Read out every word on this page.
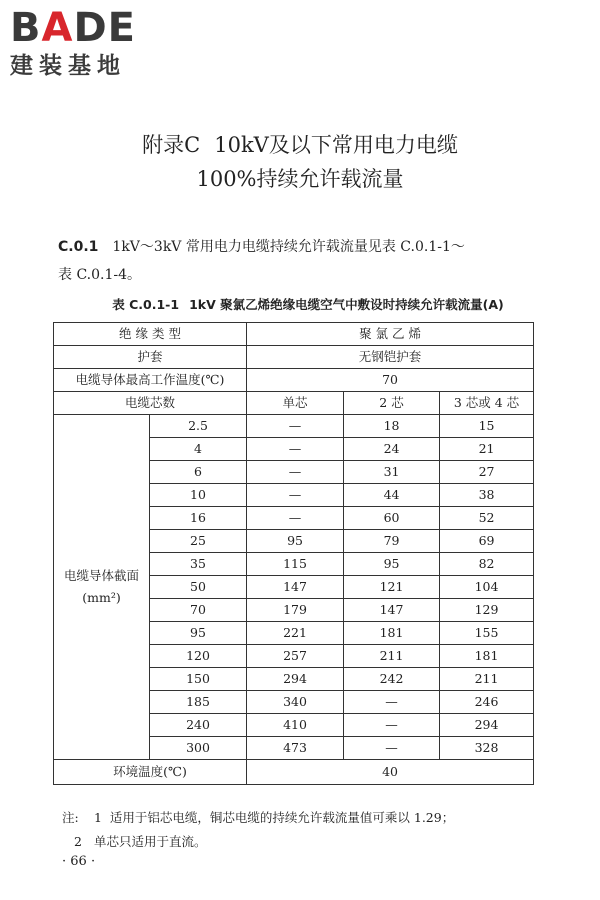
BADE
建装基地
附录C 10kV及以下常用电力电缆
100%持续允许载流量
C.0.1 1kV～3kV 常用电力电缆持续允许载流量见表 C.0.1-1～
表 C.0.1-4。
表 C.0.1-1 1kV 聚氯乙烯绝缘电缆空气中敷设时持续允许载流量(A)
绝 缘 类 型		聚 氯 乙 烯		
护套		无钢铠护套		
电缆导体最高工作温度(℃)		70		
电缆芯数		单芯	2 芯	3 芯或 4 芯

电缆导体截面
(mm²)	2.5	—	18	15
	4	—	24	21
	6	—	31	27
	10	—	44	38
	16	—	60	52
	25	95	79	69
	35	115	95	82
	50	147	121	104
	70	179	147	129
	95	221	181	155
	120	257	211	181
	150	294	242	211
	185	340	—	246
	240	410	—	294
	300	473	—	328
环境温度(℃)		40		
注: 1 适用于铝芯电缆，铜芯电缆的持续允许载流量值可乘以 1.29；
2 单芯只适用于直流。
· 66 ·
